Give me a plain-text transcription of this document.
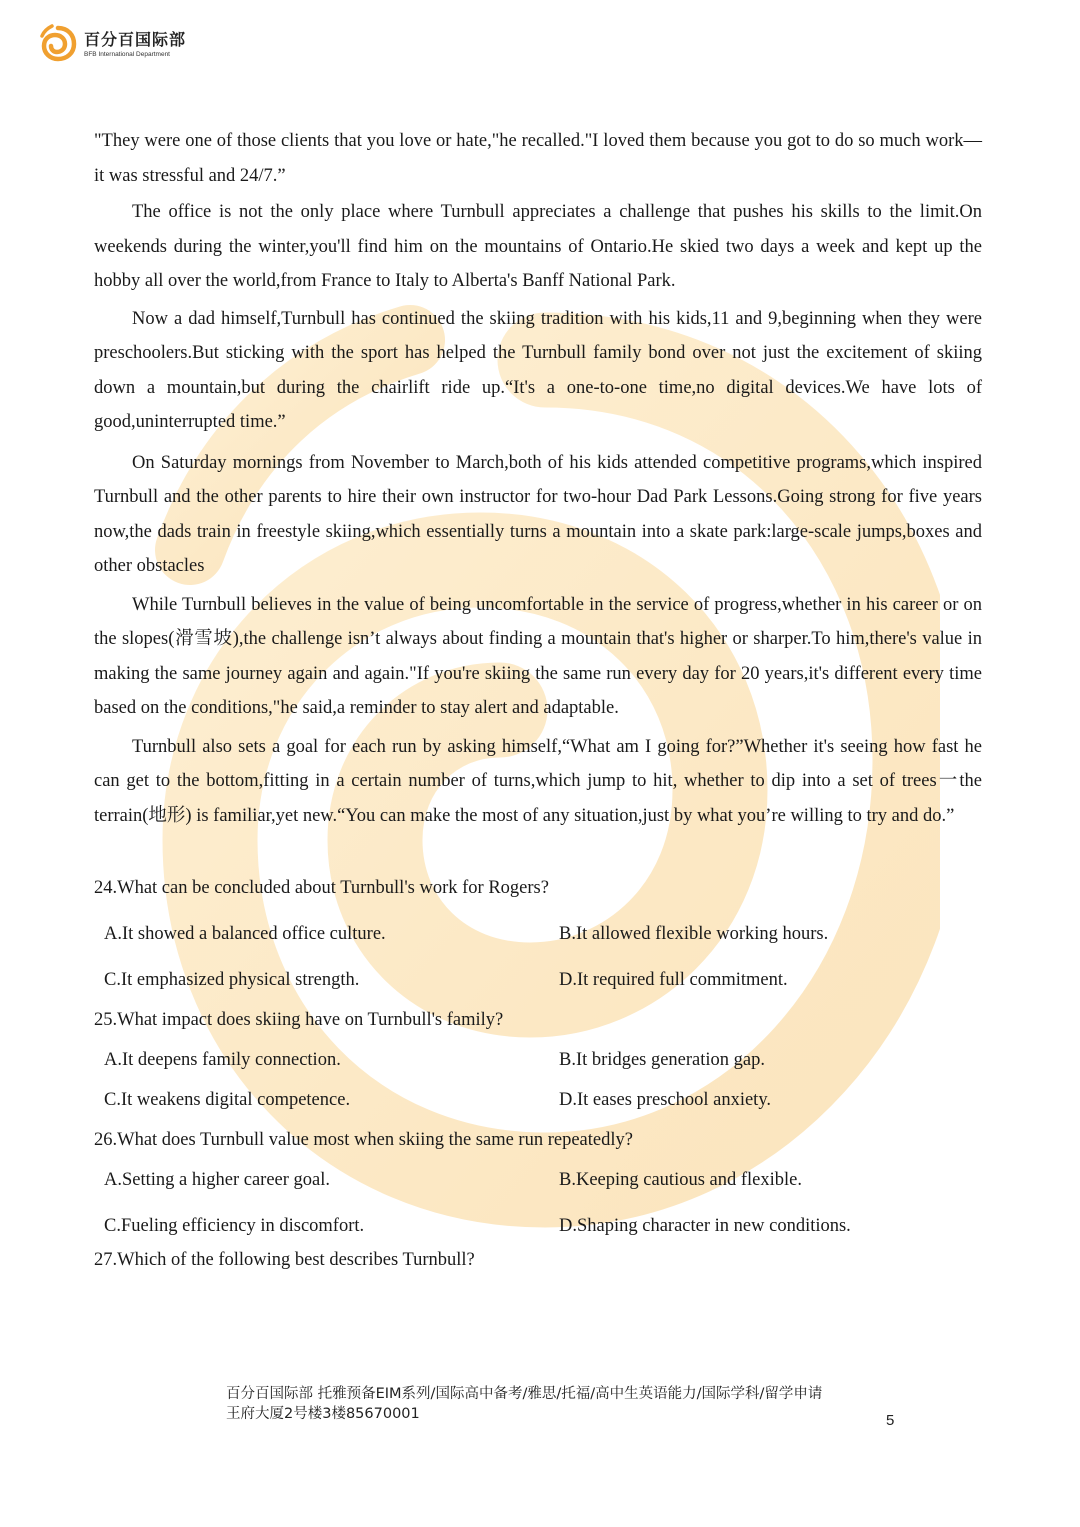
百分百国际部
BFB International Department

"They were one of those clients that you love or hate,"he recalled."I loved them because you got to do so much work—it was stressful and 24/7.”

The office is not the only place where Turnbull appreciates a challenge that pushes his skills to the limit.On weekends during the winter,you'll find him on the mountains of Ontario.He skied two days a week and kept up the hobby all over the world,from France to Italy to Alberta's Banff National Park.

Now a dad himself,Turnbull has continued the skiing tradition with his kids,11 and 9,beginning when they were preschoolers.But sticking with the sport has helped the Turnbull family bond over not just the excitement of skiing down a mountain,but during the chairlift ride up.“It's a one-to-one time,no digital devices.We have lots of good,uninterrupted time.”

On Saturday mornings from November to March,both of his kids attended competitive programs,which inspired Turnbull and the other parents to hire their own instructor for two-hour Dad Park Lessons.Going strong for five years now,the dads train in freestyle skiing,which essentially turns a mountain into a skate park:large-scale jumps,boxes and other obstacles

While Turnbull believes in the value of being uncomfortable in the service of progress,whether in his career or on the slopes(滑雪坡),the challenge isn’t always about finding a mountain that's higher or sharper.To him,there's value in making the same journey again and again."If you're skiing the same run every day for 20 years,it's different every time based on the conditions,"he said,a reminder to stay alert and adaptable.

Turnbull also sets a goal for each run by asking himself,“What am I going for?”Whether it's seeing how fast he can get to the bottom,fitting in a certain number of turns,which jump to hit, whether to dip into a set of trees一the terrain(地形) is familiar,yet new.“You can make the most of any situation,just by what you’re willing to try and do.”

24.What can be concluded about Turnbull's work for Rogers?

A.It showed a balanced office culture.	B.It allowed flexible working hours.
C.It emphasized physical strength.	D.It required full commitment.

25.What impact does skiing have on Turnbull's family?

A.It deepens family connection.	B.It bridges generation gap.
C.It weakens digital competence.	D.It eases preschool anxiety.

26.What does Turnbull value most when skiing the same run repeatedly?

A.Setting a higher career goal.	B.Keeping cautious and flexible.
C.Fueling efficiency in discomfort.	D.Shaping character in new conditions.

27.Which of the following best describes Turnbull?

百分百国际部 托雅预备EIM系列/国际高中备考/雅思/托福/高中生英语能力/国际学科/留学申请
王府大厦2号楼3楼85670001	5
